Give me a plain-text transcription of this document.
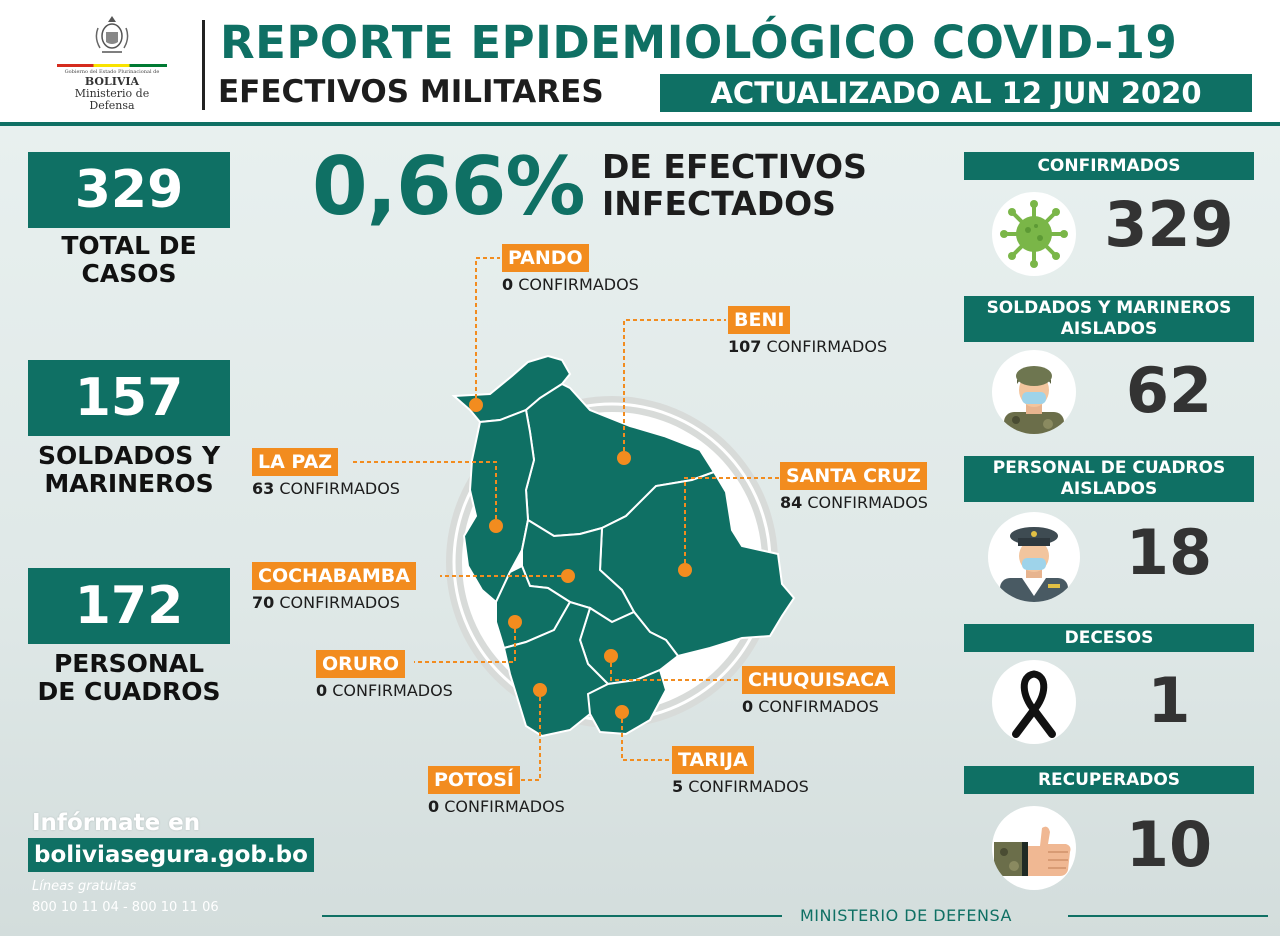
Gobierno del Estado Plurinacional de
BOLIVIA
Ministerio de
Defensa
REPORTE EPIDEMIOLÓGICO COVID-19
EFECTIVOS MILITARES	ACTUALIZADO AL 12 JUN 2020
329
TOTAL DE
CASOS
157
SOLDADOS Y
MARINEROS
172
PERSONAL
DE CUADROS
0,66% DE EFECTIVOS
INFECTADOS
PANDO
0 CONFIRMADOS
BENI
107 CONFIRMADOS
LA PAZ
63 CONFIRMADOS
SANTA CRUZ
84 CONFIRMADOS
COCHABAMBA
70 CONFIRMADOS
ORURO
0 CONFIRMADOS	CHUQUISACA
0 CONFIRMADOS
POTOSÍ
0 CONFIRMADOS
TARIJA
5 CONFIRMADOS
CONFIRMADOS
329
SOLDADOS Y MARINEROS AISLADOS
62
PERSONAL DE CUADROS AISLADOS
18
DECESOS
1
RECUPERADOS
10
Infórmate en
boliviasegura.gob.bo
Líneas gratuitas
800 10 11 04 - 800 10 11 06	MINISTERIO DE DEFENSA
